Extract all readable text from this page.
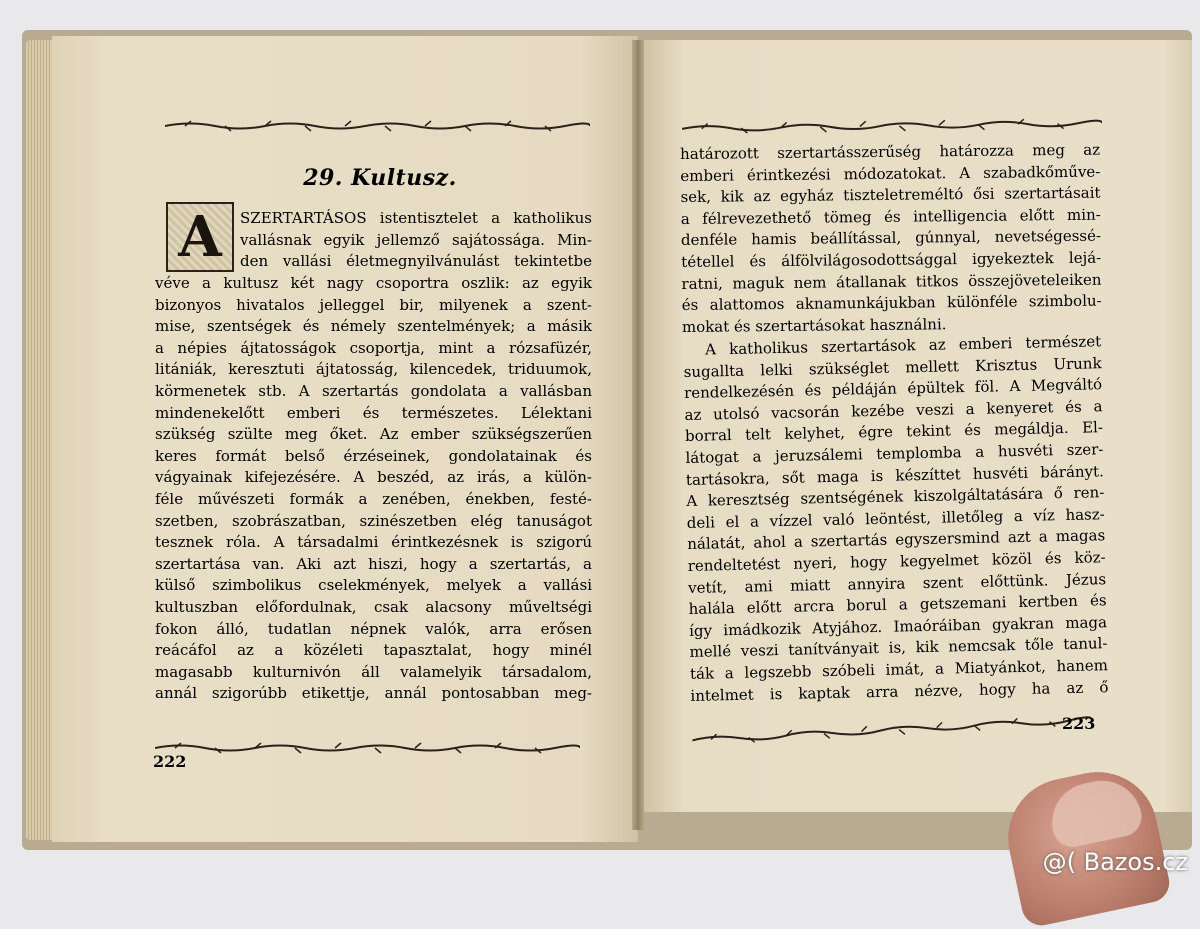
29. Kultusz.
A	SZERTARTÁSOS istentisztelet a katholikus
vallásnak egyik jellemző sajátossága. Min-
den vallási életmegnyilvánulást tekintetbe
véve a kultusz két nagy csoportra oszlik: az egyik
bizonyos hivatalos jelleggel bir, milyenek a szent-
mise, szentségek és némely szentelmények; a másik
a népies ájtatosságok csoportja, mint a rózsafüzér,
litániák, keresztuti ájtatosság, kilencedek, triduumok,
körmenetek stb. A szertartás gondolata a vallásban
mindenekelőtt emberi és természetes. Lélektani
szükség szülte meg őket. Az ember szükségszerűen
keres formát belső érzéseinek, gondolatainak és
vágyainak kifejezésére. A beszéd, az irás, a külön-
féle művészeti formák a zenében, énekben, festé-
szetben, szobrászatban, szinészetben elég tanuságot
tesznek róla. A társadalmi érintkezésnek is szigorú
szertartása van. Aki azt hiszi, hogy a szertartás, a
külső szimbolikus cselekmények, melyek a vallási
kultuszban előfordulnak, csak alacsony műveltségi
fokon álló, tudatlan népnek valók, arra erősen
reácáfol az a közéleti tapasztalat, hogy minél
magasabb kulturnivón áll valamelyik társadalom,
annál szigorúbb etikettje, annál pontosabban meg-
222
határozott szertartásszerűség határozza meg az
emberi érintkezési módozatokat. A szabadkőműve-
sek, kik az egyház tiszteletreméltó ősi szertartásait
a félrevezethető tömeg és intelligencia előtt min-
denféle hamis beállítással, gúnnyal, nevetségessé-
tétellel és álfölvilágosodottsággal igyekeztek lejá-
ratni, maguk nem átallanak titkos összejöveteleiken
és alattomos aknamunkájukban különféle szimbolu-
mokat és szertartásokat használni.
A katholikus szertartások az emberi természet
sugallta lelki szükséglet mellett Krisztus Urunk
rendelkezésén és példáján épültek föl. A Megváltó
az utolsó vacsorán kezébe veszi a kenyeret és a
borral telt kelyhet, égre tekint és megáldja. El-
látogat a jeruzsálemi templomba a husvéti szer-
tartásokra, sőt maga is készíttet husvéti bárányt.
A keresztség szentségének kiszolgáltatására ő ren-
deli el a vízzel való leöntést, illetőleg a víz hasz-
nálatát, ahol a szertartás egyszersmind azt a magas
rendeltetést nyeri, hogy kegyelmet közöl és köz-
vetít, ami miatt annyira szent előttünk. Jézus
halála előtt arcra borul a getszemani kertben és
így imádkozik Atyjához. Imaóráiban gyakran maga
mellé veszi tanítványait is, kik nemcsak tőle tanul-
ták a legszebb szóbeli imát, a Miatyánkot, hanem
intelmet is kaptak arra nézve, hogy ha az ő
223
@( Bazos.cz
